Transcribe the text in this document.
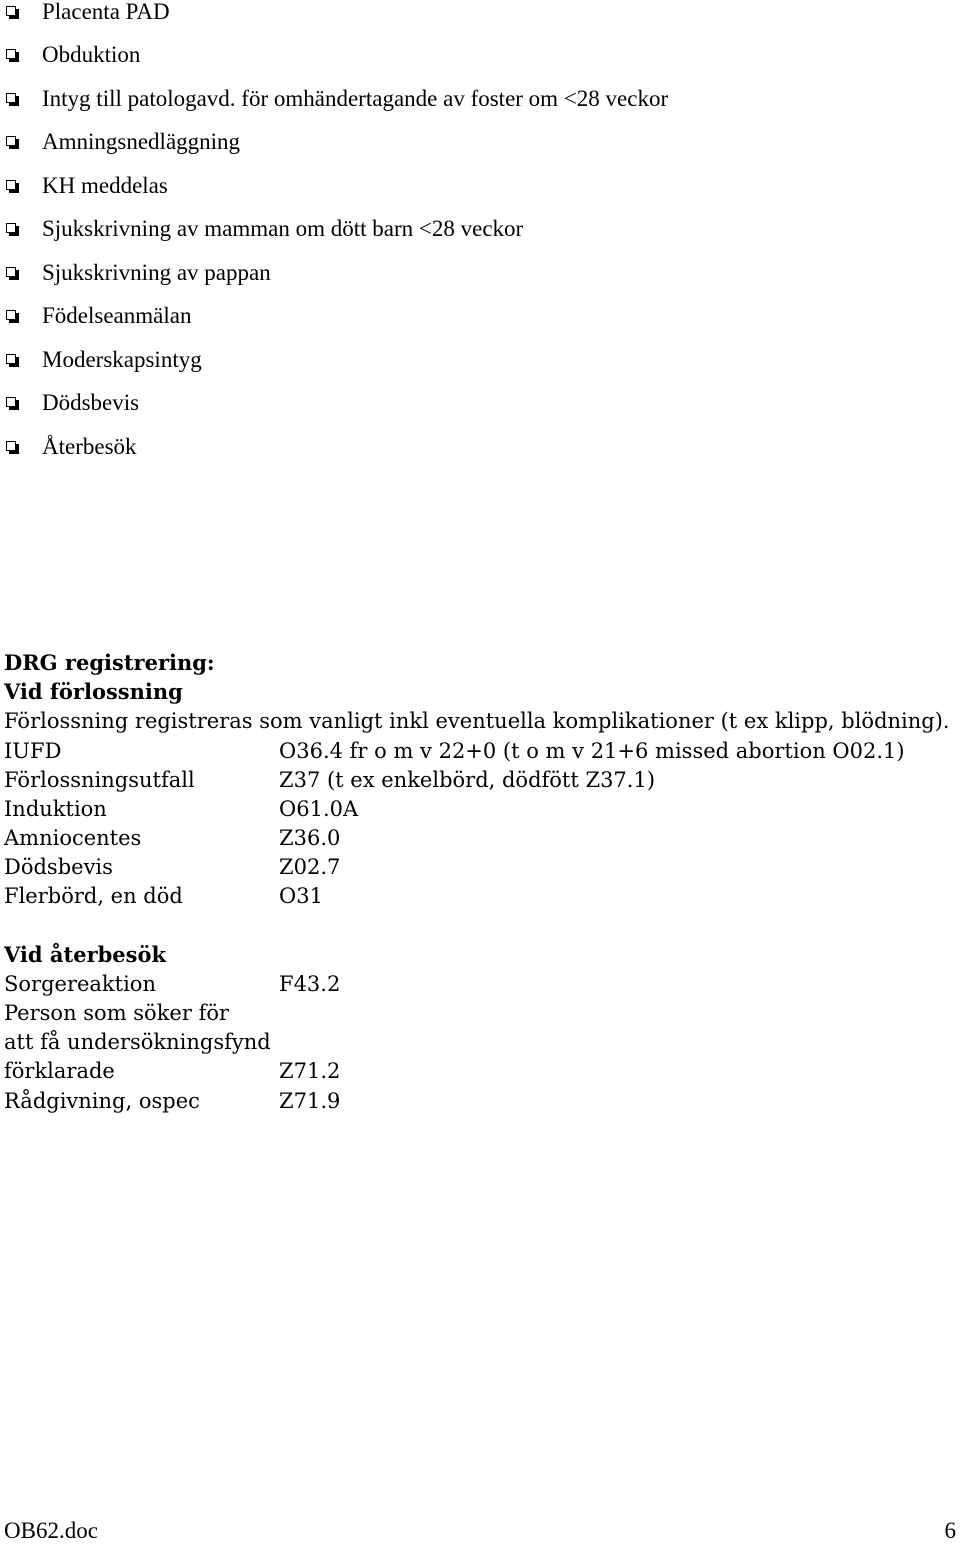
Placenta PAD
Obduktion
Intyg till patologavd. för omhändertagande av foster om <28 veckor
Amningsnedläggning
KH meddelas
Sjukskrivning av mamman om dött barn <28 veckor
Sjukskrivning av pappan
Födelseanmälan
Moderskapsintyg
Dödsbevis
Återbesök
DRG registrering:
Vid förlossning
Förlossning registreras som vanligt inkl eventuella komplikationer (t ex klipp, blödning).
IUFD	O36.4 fr o m v 22+0 (t o m v 21+6 missed abortion O02.1)
Förlossningsutfall	Z37 (t ex enkelbörd, dödfött Z37.1)
Induktion	O61.0A
Amniocentes	Z36.0
Dödsbevis	Z02.7
Flerbörd, en död	O31
Vid återbesök
Sorgereaktion	F43.2
Person som söker för
att få undersökningsfynd
förklarade	Z71.2
Rådgivning, ospec	Z71.9
OB62.doc	6
